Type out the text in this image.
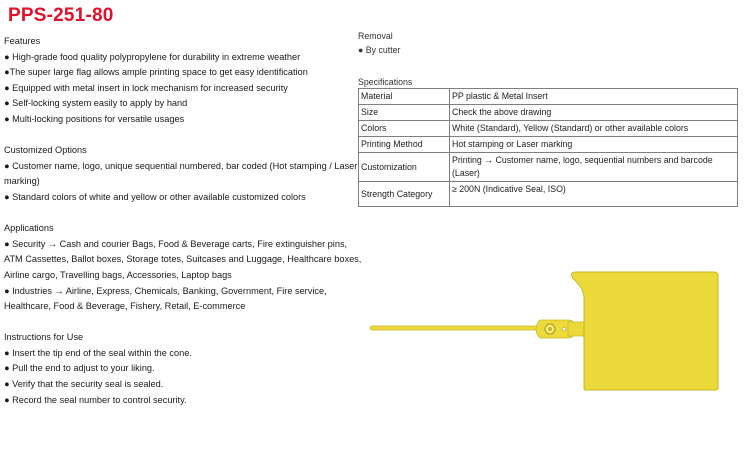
PPS-251-80

Features

● High-grade food quality polypropylene for durability in extreme weather

●The super large flag allows ample printing space to get easy identification

● Equipped with metal insert in lock mechanism for increased security

● Self-locking system easily to apply by hand

● Multi-locking positions for versatile usages

Customized Options

● Customer name, logo, unique sequential numbered, bar coded (Hot stamping / Laser marking)

● Standard colors of white and yellow or other available customized colors

Applications

● Security → Cash and courier Bags, Food & Beverage carts, Fire extinguisher pins, ATM Cassettes, Ballot boxes, Storage totes, Suitcases and Luggage, Healthcare boxes, Airline cargo, Travelling bags, Accessories, Laptop bags

● Industries → Airline, Express, Chemicals, Banking, Government, Fire service, Healthcare, Food & Beverage, Fishery, Retail, E-commerce

Instructions for Use

● Insert the tip end of the seal within the cone.

● Pull the end to adjust to your liking.

● Verify that the security seal is sealed.

● Record the seal number to control security.

Removal

● By cutter

Specifications

Material	PP plastic & Metal Insert
Size	Check the above drawing
Colors	White (Standard), Yellow (Standard) or other available colors
Printing Method	Hot stamping or Laser marking
Customization	Printing → Customer name, logo, sequential numbers and barcode (Laser)
Strength Category	≥ 200N (Indicative Seal, ISO)
